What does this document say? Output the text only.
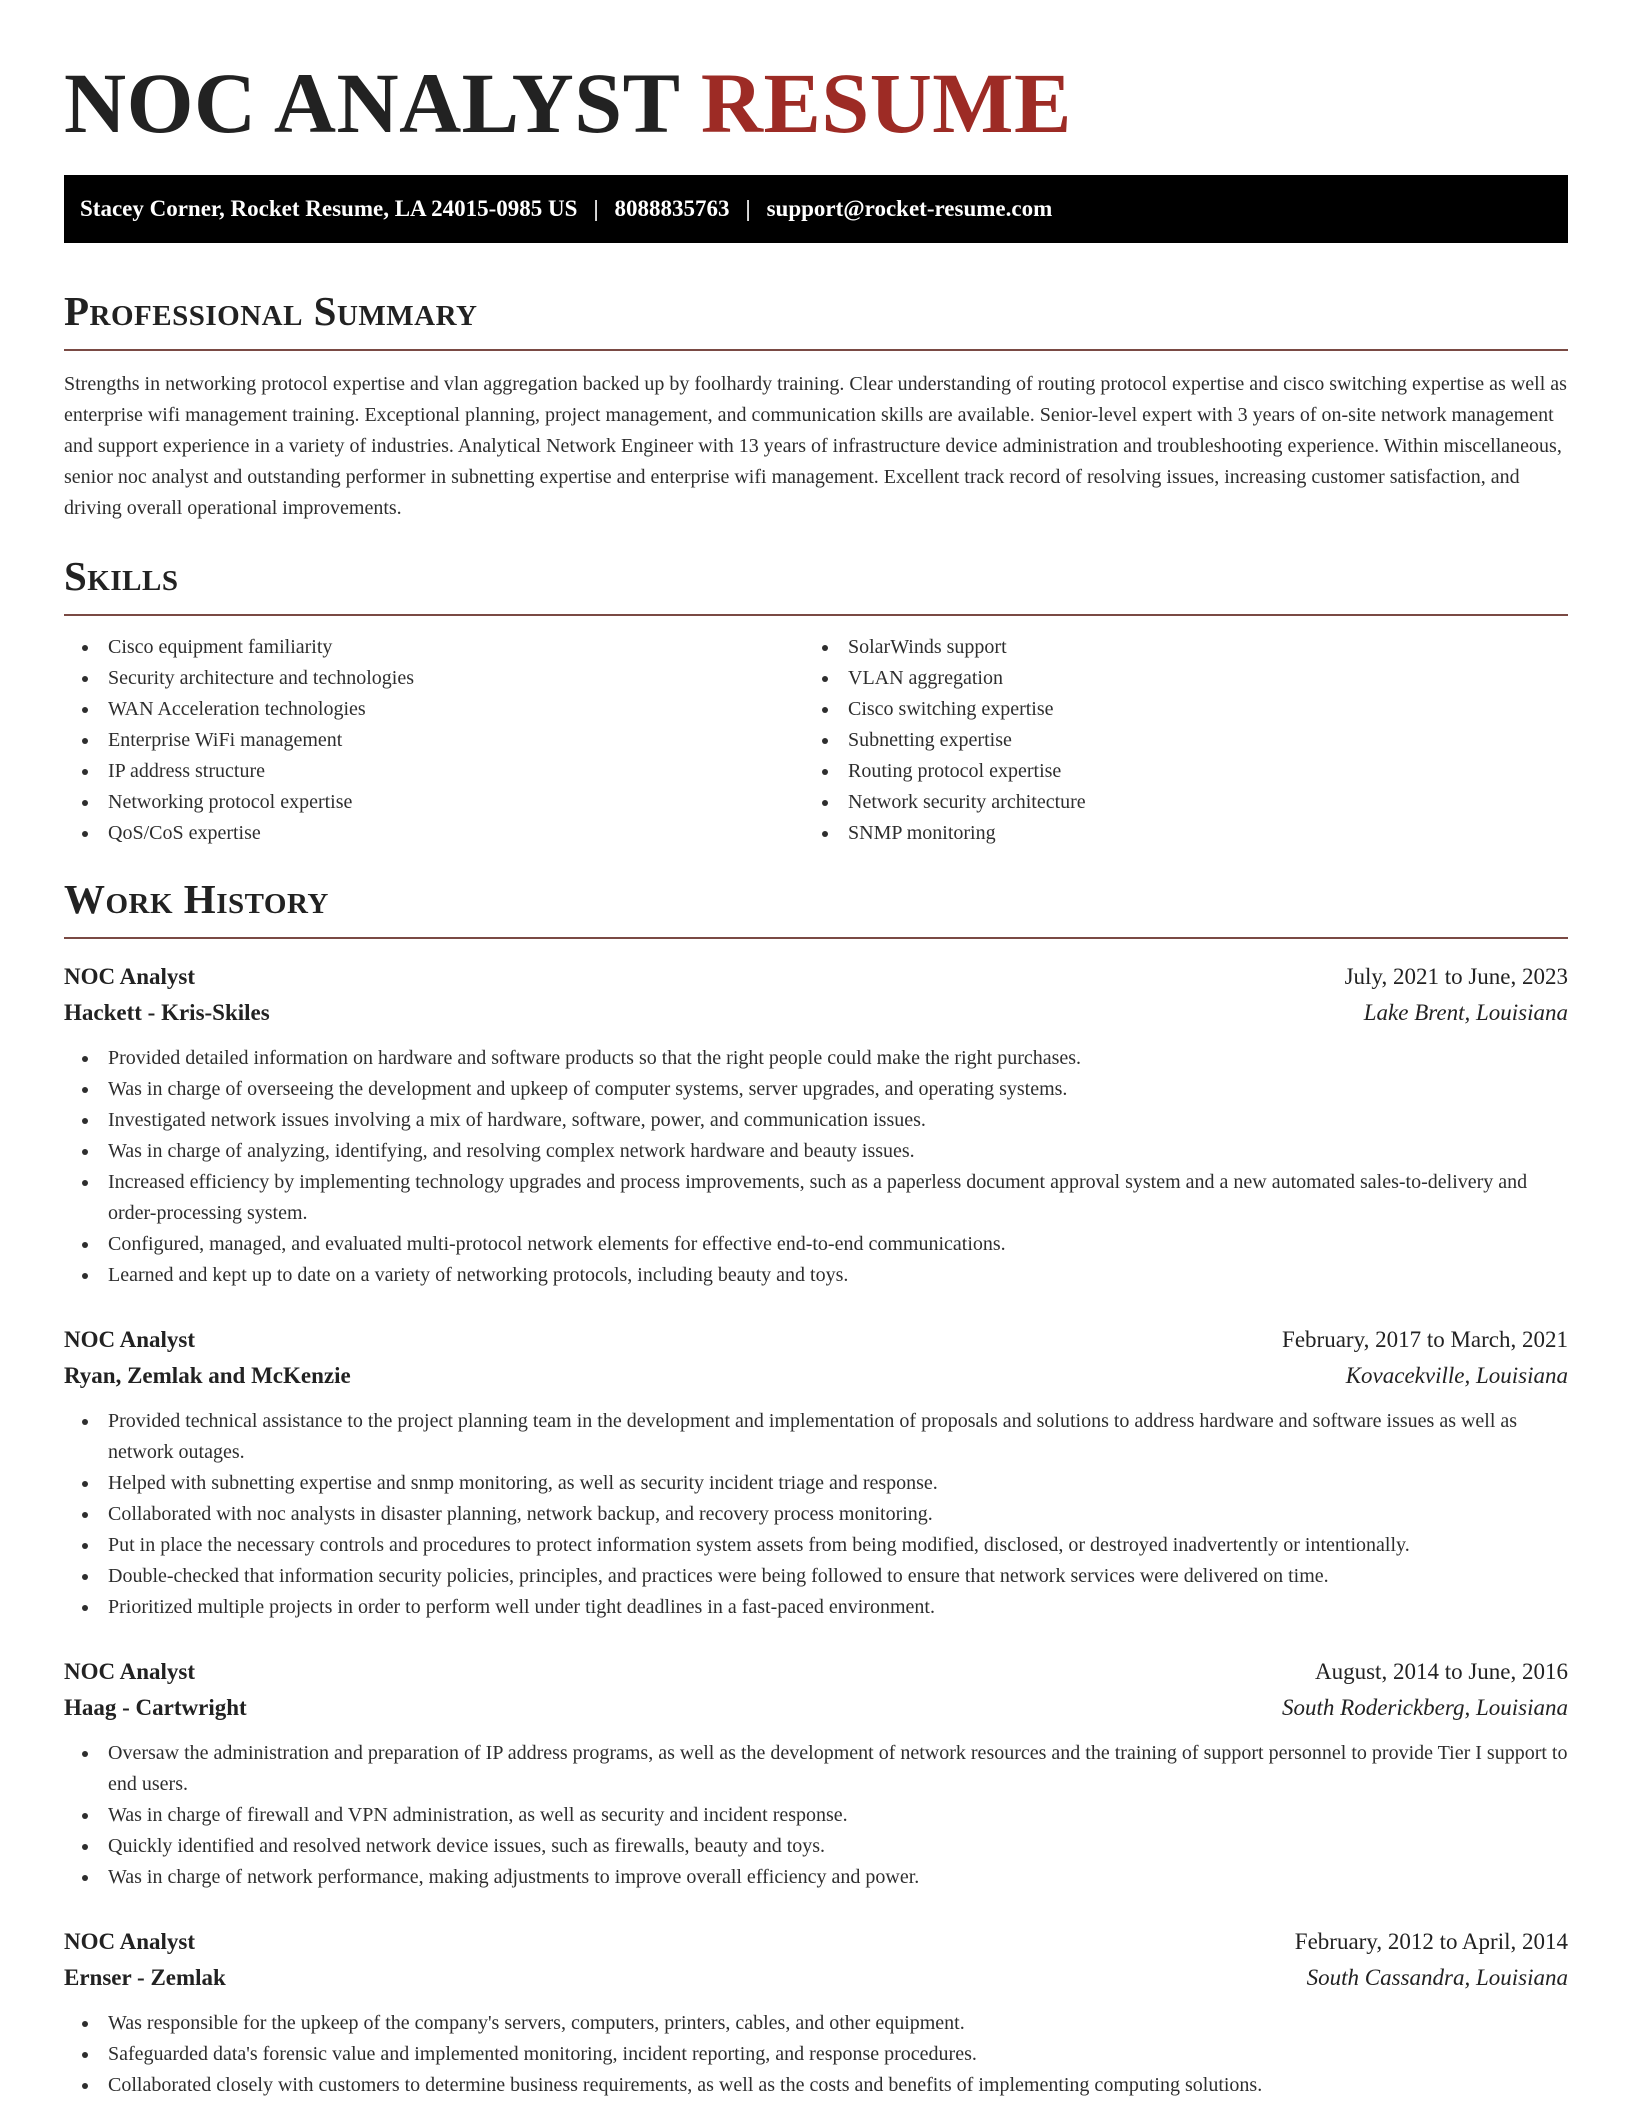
NOC ANALYST RESUME
Stacey Corner, Rocket Resume, LA 24015-0985 US | 8088835763 | support@rocket-resume.com
Professional Summary

Strengths in networking protocol expertise and vlan aggregation backed up by foolhardy training. Clear understanding of routing protocol expertise and cisco switching expertise as well as enterprise wifi management training. Exceptional planning, project management, and communication skills are available. Senior-level expert with 3 years of on-site network management and support experience in a variety of industries. Analytical Network Engineer with 13 years of infrastructure device administration and troubleshooting experience. Within miscellaneous, senior noc analyst and outstanding performer in subnetting expertise and enterprise wifi management. Excellent track record of resolving issues, increasing customer satisfaction, and driving overall operational improvements.

Skills
Cisco equipment familiarity
Security architecture and technologies
WAN Acceleration technologies
Enterprise WiFi management
IP address structure
Networking protocol expertise
QoS/CoS expertise
SolarWinds support
VLAN aggregation
Cisco switching expertise
Subnetting expertise
Routing protocol expertise
Network security architecture
SNMP monitoring
Work History
NOC Analyst	July, 2021 to June, 2023
Hackett - Kris-Skiles	Lake Brent, Louisiana
Provided detailed information on hardware and software products so that the right people could make the right purchases.
Was in charge of overseeing the development and upkeep of computer systems, server upgrades, and operating systems.
Investigated network issues involving a mix of hardware, software, power, and communication issues.
Was in charge of analyzing, identifying, and resolving complex network hardware and beauty issues.
Increased efficiency by implementing technology upgrades and process improvements, such as a paperless document approval system and a new automated sales-to-delivery and order-processing system.
Configured, managed, and evaluated multi-protocol network elements for effective end-to-end communications.
Learned and kept up to date on a variety of networking protocols, including beauty and toys.
NOC Analyst	February, 2017 to March, 2021
Ryan, Zemlak and McKenzie	Kovacekville, Louisiana
Provided technical assistance to the project planning team in the development and implementation of proposals and solutions to address hardware and software issues as well as network outages.
Helped with subnetting expertise and snmp monitoring, as well as security incident triage and response.
Collaborated with noc analysts in disaster planning, network backup, and recovery process monitoring.
Put in place the necessary controls and procedures to protect information system assets from being modified, disclosed, or destroyed inadvertently or intentionally.
Double-checked that information security policies, principles, and practices were being followed to ensure that network services were delivered on time.
Prioritized multiple projects in order to perform well under tight deadlines in a fast-paced environment.
NOC Analyst	August, 2014 to June, 2016
Haag - Cartwright	South Roderickberg, Louisiana
Oversaw the administration and preparation of IP address programs, as well as the development of network resources and the training of support personnel to provide Tier I support to end users.
Was in charge of firewall and VPN administration, as well as security and incident response.
Quickly identified and resolved network device issues, such as firewalls, beauty and toys.
Was in charge of network performance, making adjustments to improve overall efficiency and power.
NOC Analyst	February, 2012 to April, 2014
Ernser - Zemlak	South Cassandra, Louisiana
Was responsible for the upkeep of the company's servers, computers, printers, cables, and other equipment.
Safeguarded data's forensic value and implemented monitoring, incident reporting, and response procedures.
Collaborated closely with customers to determine business requirements, as well as the costs and benefits of implementing computing solutions.
